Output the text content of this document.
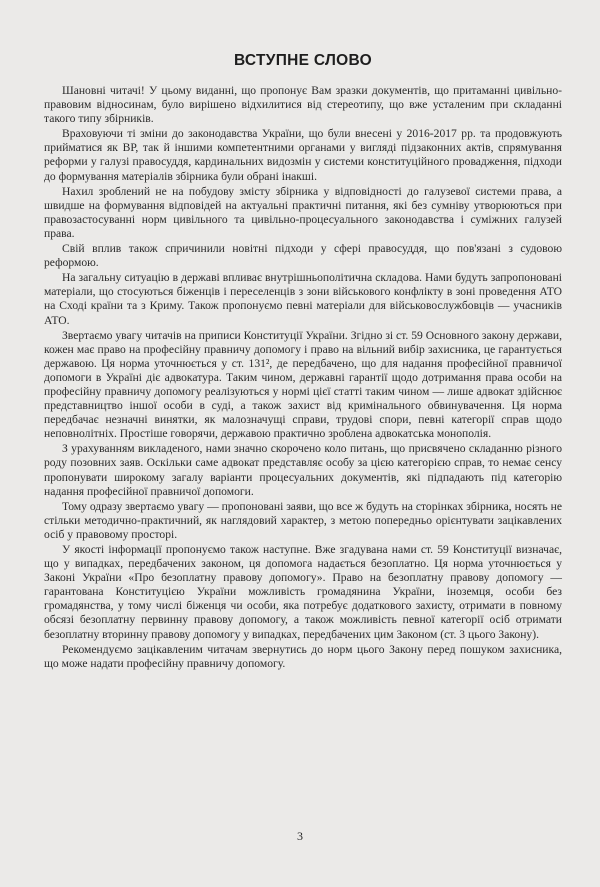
ВСТУПНЕ СЛОВО

Шановні читачі! У цьому виданні, що пропонує Вам зразки документів, що притаманні цивільно-правовим відносинам, було вирішено відхилитися від стереотипу, що вже усталеним при складанні такого типу збірників.

Враховуючи ті зміни до законодавства України, що були внесені у 2016-2017 рр. та продовжують прийматися як ВР, так й іншими компетентними органами у вигляді підзаконних актів, спрямування реформи у галузі правосуддя, кардинальних видозмін у системи конституційного провадження, підходи до формування матеріалів збірника були обрані інакші.

Нахил зроблений не на побудову змісту збірника у відповідності до галузевої системи права, а швидше на формування відповідей на актуальні практичні питання, які без сумніву утворюються при правозастосуванні норм цивільного та цивільно-процесуального законодавства і суміжних галузей права.

Свій вплив також спричинили новітні підходи у сфері правосуддя, що пов'язані з судовою реформою.

На загальну ситуацію в державі впливає внутрішньополітична складова. Нами будуть запропоновані матеріали, що стосуються біженців і переселенців з зони військового конфлікту в зоні проведення АТО на Сході країни та з Криму. Також пропонуємо певні матеріали для військовослужбовців — учасників АТО.

Звертаємо увагу читачів на приписи Конституції України. Згідно зі ст. 59 Основного закону держави, кожен має право на професійну правничу допомогу і право на вільний вибір захисника, це гарантується державою. Ця норма уточнюється у ст. 131², де передбачено, що для надання професійної правничої допомоги в Україні діє адвокатура. Таким чином, державні гарантії щодо дотримання права особи на професійну правничу допомогу реалізуються у нормі цієї статті таким чином — лише адвокат здійснює представництво іншої особи в суді, а також захист від кримінального обвинувачення. Ця норма передбачає незначні винятки, як малозначущі справи, трудові спори, певні категорії справ щодо неповнолітніх. Простіше говорячи, державою практично зроблена адвокатська монополія.

З урахуванням викладеного, нами значно скорочено коло питань, що присвячено складанню різного роду позовних заяв. Оскільки саме адвокат представляє особу за цією категорією справ, то немає сенсу пропонувати широкому загалу варіанти процесуальних документів, які підпадають під категорію надання професійної правничої допомоги.

Тому одразу звертаємо увагу — пропоновані заяви, що все ж будуть на сторінках збірника, носять не стільки методично-практичний, як наглядовий характер, з метою попередньо орієнтувати зацікавлених осіб у правовому просторі.

У якості інформації пропонуємо також наступне. Вже згадувана нами ст. 59 Конституції визначає, що у випадках, передбачених законом, ця допомога надається безоплатно. Ця норма уточнюється у Законі України «Про безоплатну правову допомогу». Право на безоплатну правову допомогу — гарантована Конституцією України можливість громадянина України, іноземця, особи без громадянства, у тому числі біженця чи особи, яка потребує додаткового захисту, отримати в повному обсязі безоплатну первинну правову допомогу, а також можливість певної категорії осіб отримати безоплатну вторинну правову допомогу у випадках, передбачених цим Законом (ст. 3 цього Закону).

Рекомендуємо зацікавленим читачам звернутись до норм цього Закону перед пошуком захисника, що може надати професійну правничу допомогу.

3
